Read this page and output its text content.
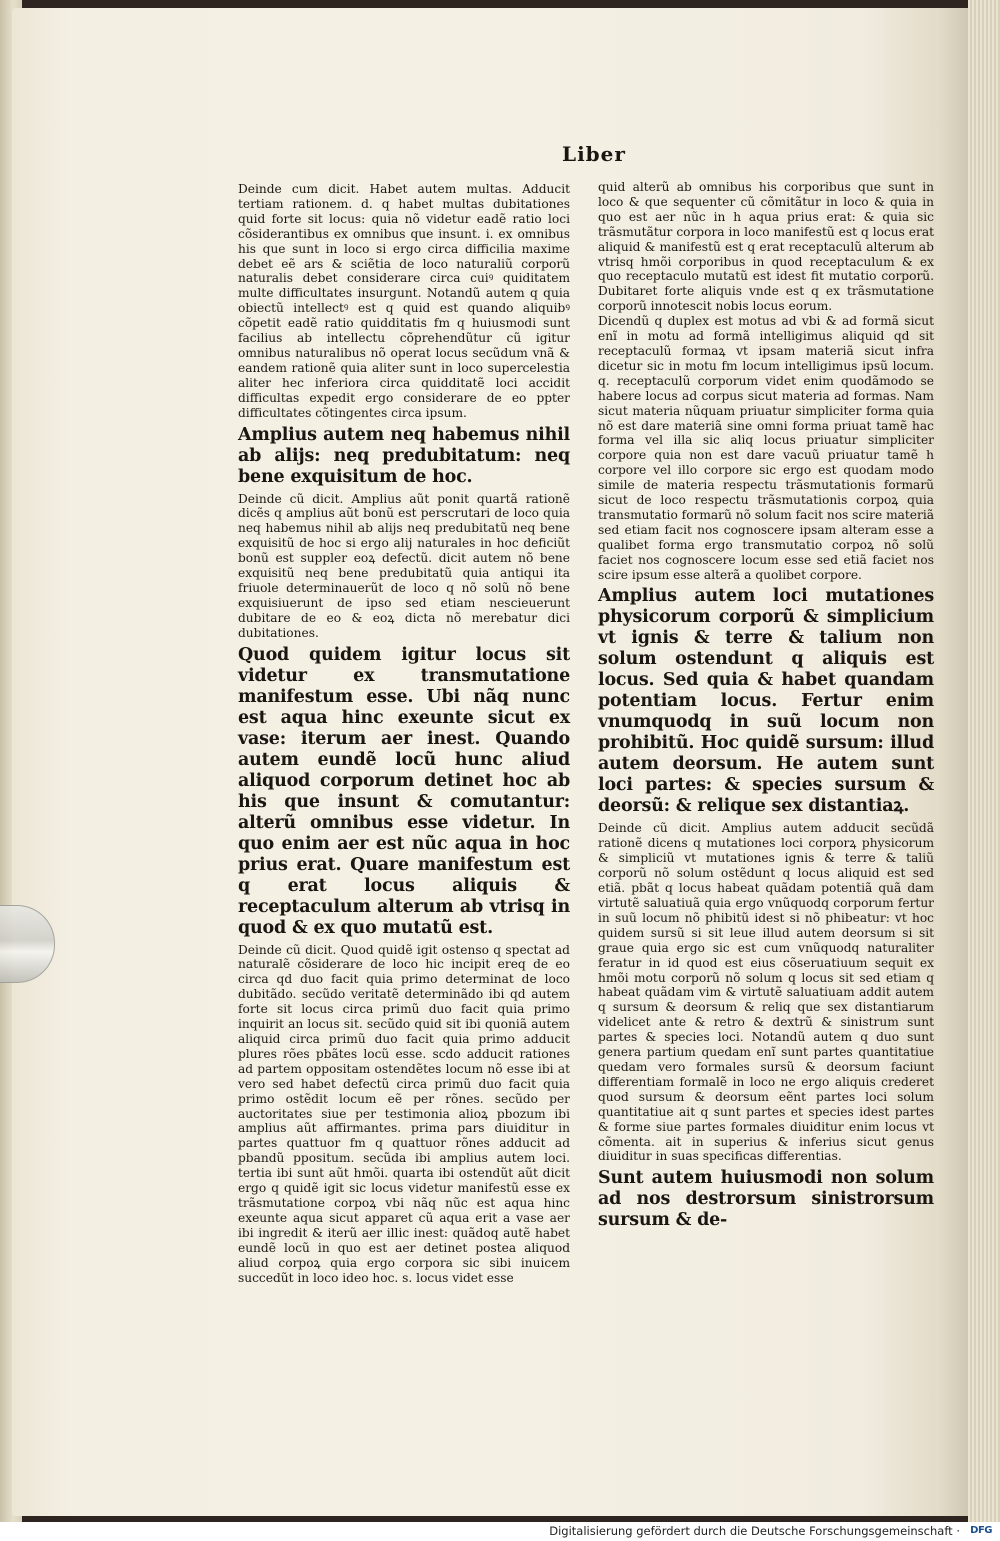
Liber

Deinde cum dicit. Habet autem multas. Adducit tertiam rationem. d. q habet multas dubitationes quid forte sit locus: quia nõ videtur eadẽ ratio loci cõsiderantibus ex omnibus que insunt. i. ex omnibus his que sunt in loco si ergo circa difficilia maxime debet eẽ ars & sciẽtia de loco naturaliũ corporũ naturalis debet considerare circa cuiꝰ quiditatem multe difficultates insurgunt. Notandũ autem q quia obiectũ intellectꝰ est q quid est quando aliquibꝰ cõpetit eadẽ ratio quidditatis fm q huiusmodi sunt facilius ab intellectu cõprehendũtur cũ igitur omnibus naturalibus nõ operat locus secũdum vnã & eandem rationẽ quia aliter sunt in loco supercelestia aliter hec inferiora circa quidditatẽ loci accidit difficultas expedit ergo considerare de eo ppter difficultates cõtingentes circa ipsum.

Amplius autem neq habemus nihil ab alijs: neq predubitatum: neq bene exquisitum de hoc.

Deinde cũ dicit. Amplius aũt ponit quartã rationẽ dicẽs q amplius aũt bonũ est perscrutari de loco quia neq habemus nihil ab alijs neq predubitatũ neq bene exquisitũ de hoc si ergo alij naturales in hoc deficiũt bonũ est suppler eoꝝ defectũ. dicit autem nõ bene exquisitũ neq bene predubitatũ quia antiqui ita friuole determinauerũt de loco q nõ solũ nõ bene exquisiuerunt de ipso sed etiam nescieuerunt dubitare de eo & eoꝝ dicta nõ merebatur dici dubitationes.

Quod quidem igitur locus sit videtur ex transmutatione manifestum esse. Ubi nãq nunc est aqua hinc exeunte sicut ex vase: iterum aer inest. Quando autem eundẽ locũ hunc aliud aliquod corporum detinet hoc ab his que insunt & comutantur: alterũ omnibus esse videtur. In quo enim aer est nũc aqua in hoc prius erat. Quare manifestum est q erat locus aliquis & receptaculum alterum ab vtrisq in quod & ex quo mutatũ est.

Deinde cũ dicit. Quod quidẽ igit ostenso q spectat ad naturalẽ cõsiderare de loco hic incipit ereq de eo circa qd duo facit quia primo determinat de loco dubitãdo. secũdo veritatẽ determinãdo ibi qd autem forte sit locus circa primũ duo facit quia primo inquirit an locus sit. secũdo quid sit ibi quoniã autem aliquid circa primũ duo facit quia primo adducit plures rões pbãtes locũ esse. scdo adducit rationes ad partem oppositam ostendẽtes locum nõ esse ibi at vero sed habet defectũ circa primũ duo facit quia primo ostẽdit locum eẽ per rõnes. secũdo per auctoritates siue per testimonia alioꝝ pbozum ibi amplius aũt affirmantes. prima pars diuiditur in partes quattuor fm q quattuor rõnes adducit ad pbandũ ppositum. secũda ibi amplius autem loci. tertia ibi sunt aũt hmõi. quarta ibi ostendũt aũt dicit ergo q quidẽ igit sic locus videtur manifestũ esse ex trãsmutatione corpoꝝ vbi nãq nũc est aqua hinc exeunte aqua sicut apparet cũ aqua erit a vase aer ibi ingredit & iterũ aer illic inest: quãdoq autẽ habet eundẽ locũ in quo est aer detinet postea aliquod aliud corpoꝝ quia ergo corpora sic sibi inuicem succedũt in loco ideo hoc. s. locus videt esse

quid alterũ ab omnibus his corporibus que sunt in loco & que sequenter cũ cõmitãtur in loco & quia in quo est aer nũc in h aqua prius erat: & quia sic trãsmutãtur corpora in loco manifestũ est q locus erat aliquid & manifestũ est q erat receptaculũ alterum ab vtrisq hmõi corporibus in quod receptaculum & ex quo receptaculo mutatũ est idest fit mutatio corporũ. Dubitaret forte aliquis vnde est q ex trãsmutatione corporũ innotescit nobis locus eorum.

Dicendũ q duplex est motus ad vbi & ad formã sicut enĩ in motu ad formã intelligimus aliquid qd sit receptaculũ formaꝝ vt ipsam materiã sicut infra dicetur sic in motu fm locum intelligimus ipsũ locum. q. receptaculũ corporum videt enim quodãmodo se habere locus ad corpus sicut materia ad formas. Nam sicut materia nũquam priuatur simpliciter forma quia nõ est dare materiã sine omni forma priuat tamẽ hac forma vel illa sic aliq locus priuatur simpliciter corpore quia non est dare vacuũ priuatur tamẽ h corpore vel illo corpore sic ergo est quodam modo simile de materia respectu trãsmutationis formarũ sicut de loco respectu trãsmutationis corpoꝝ quia transmutatio formarũ nõ solum facit nos scire materiã sed etiam facit nos cognoscere ipsam alteram esse a qualibet forma ergo transmutatio corpoꝝ nõ solũ faciet nos cognoscere locum esse sed etiã faciet nos scire ipsum esse alterã a quolibet corpore.

Amplius autem loci mutationes physicorum corporũ & simplicium vt ignis & terre & talium non solum ostendunt q aliquis est locus. Sed quia & habet quandam potentiam locus. Fertur enim vnumquodq in suũ locum non prohibitũ. Hoc quidẽ sursum: illud autem deorsum. He autem sunt loci partes: & species sursum & deorsũ: & relique sex distantiaꝝ.

Deinde cũ dicit. Amplius autem adducit secũdã rationẽ dicens q mutationes loci corporꝝ physicorum & simpliciũ vt mutationes ignis & terre & taliũ corporũ nõ solum ostẽdunt q locus aliquid est sed etiã. pbãt q locus habeat quãdam potentiã quã dam virtutẽ saluatiuã quia ergo vnũquodq corporum fertur in suũ locum nõ phibitũ idest si nõ phibeatur: vt hoc quidem sursũ si sit leue illud autem deorsum si sit graue quia ergo sic est cum vnũquodq naturaliter feratur in id quod est eius cõseruatiuum sequit ex hmõi motu corporũ nõ solum q locus sit sed etiam q habeat quãdam vim & virtutẽ saluatiuam addit autem q sursum & deorsum & reliq que sex distantiarum videlicet ante & retro & dextrũ & sinistrum sunt partes & species loci. Notandũ autem q duo sunt genera partium quedam enĩ sunt partes quantitatiue quedam vero formales sursũ & deorsum faciunt differentiam formalẽ in loco ne ergo aliquis crederet quod sursum & deorsum eẽnt partes loci solum quantitatiue ait q sunt partes et species idest partes & forme siue partes formales diuiditur enim locus vt cõmenta. ait in superius & inferius sicut genus diuiditur in suas specificas differentias.

Sunt autem huiusmodi non solum ad nos destrorsum sinistrorsum sursum & de-

Digitalisierung gefördert durch die Deutsche Forschungsgemeinschaft · DFG
